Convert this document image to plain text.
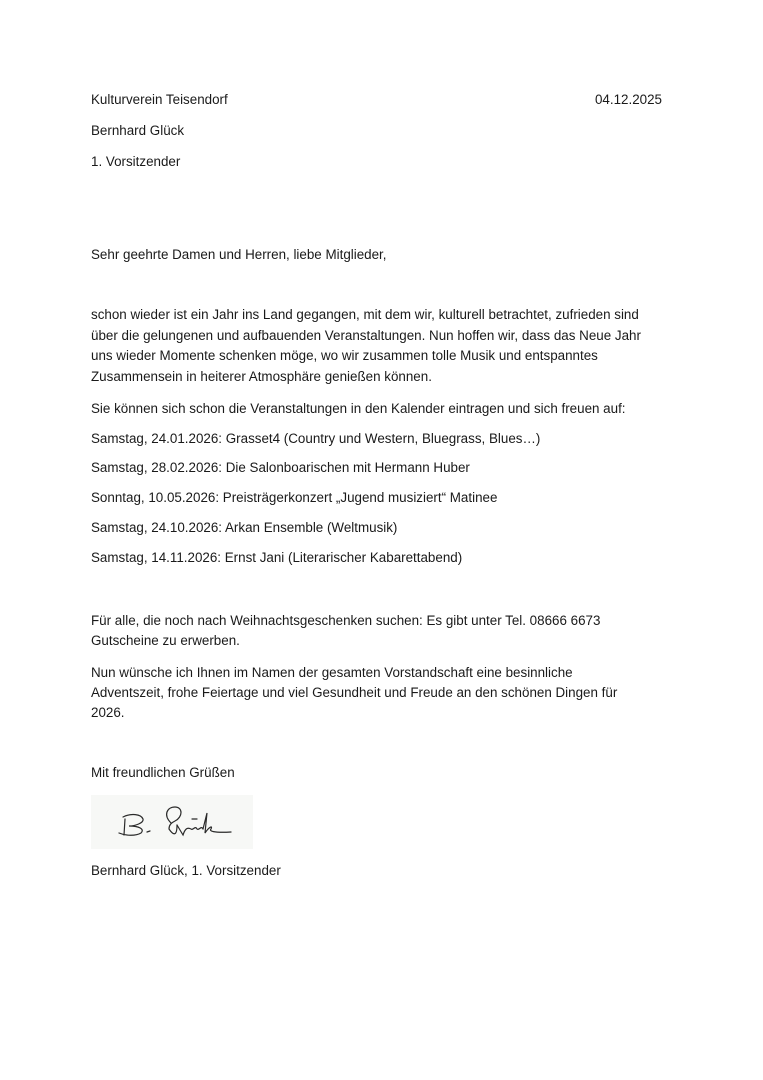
Kulturverein Teisendorf	04.12.2025
Bernhard Glück
1. Vorsitzender
Sehr geehrte Damen und Herren, liebe Mitglieder,
schon wieder ist ein Jahr ins Land gegangen, mit dem wir, kulturell betrachtet, zufrieden sind
über die gelungenen und aufbauenden Veranstaltungen. Nun hoffen wir, dass das Neue Jahr
uns wieder Momente schenken möge, wo wir zusammen tolle Musik und entspanntes
Zusammensein in heiterer Atmosphäre genießen können.
Sie können sich schon die Veranstaltungen in den Kalender eintragen und sich freuen auf:
Samstag, 24.01.2026: Grasset4 (Country und Western, Bluegrass, Blues…)
Samstag, 28.02.2026: Die Salonboarischen mit Hermann Huber
Sonntag, 10.05.2026: Preisträgerkonzert „Jugend musiziert“ Matinee
Samstag, 24.10.2026: Arkan Ensemble (Weltmusik)
Samstag, 14.11.2026: Ernst Jani (Literarischer Kabarettabend)
Für alle, die noch nach Weihnachtsgeschenken suchen: Es gibt unter Tel. 08666 6673
Gutscheine zu erwerben.
Nun wünsche ich Ihnen im Namen der gesamten Vorstandschaft eine besinnliche
Adventszeit, frohe Feiertage und viel Gesundheit und Freude an den schönen Dingen für
2026.
Mit freundlichen Grüßen
Bernhard Glück, 1. Vorsitzender
